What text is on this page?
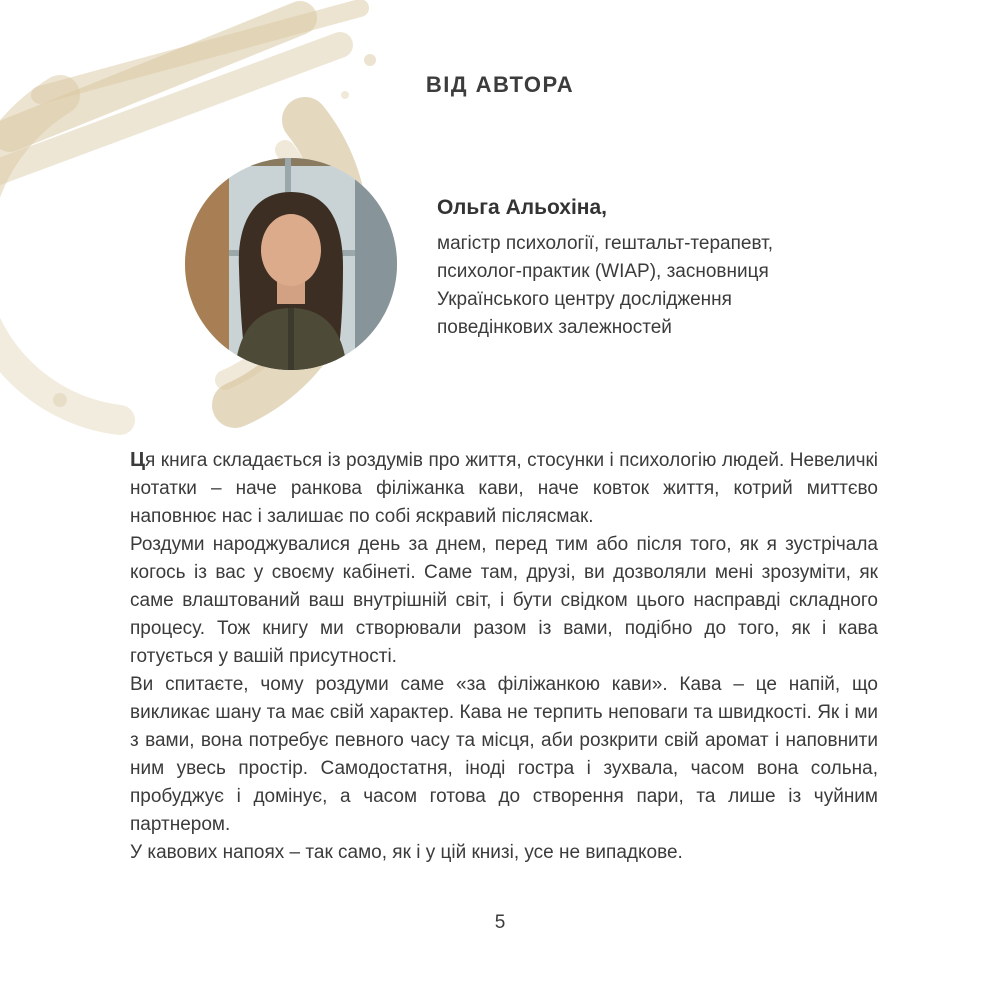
ВІД АВТОРА
Ольга Альохіна,
магістр психології, гештальт-терапевт,
психолог-практик (WIAP), засновниця
Українського центру дослідження
поведінкових залежностей

Ця книга складається із роздумів про життя, стосунки і психологію людей. Невеличкі нотатки – наче ранкова філіжанка кави, наче ковток життя, котрий миттєво наповнює нас і залишає по собі яскравий післясмак.

Роздуми народжувалися день за днем, перед тим або після того, як я зустрічала когось із вас у своєму кабінеті. Саме там, друзі, ви дозволяли мені зрозуміти, як саме влаштований ваш внутрішній світ, і бути свідком цього насправді складного процесу. Тож книгу ми створювали разом із вами, подібно до того, як і кава готується у вашій присутності.

Ви спитаєте, чому роздуми саме «за філіжанкою кави». Кава – це напій, що викликає шану та має свій характер. Кава не терпить неповаги та швидкості. Як і ми з вами, вона потребує певного часу та місця, аби розкрити свій аромат і наповнити ним увесь простір. Самодостатня, іноді гостра і зухвала, часом вона сольна, пробуджує і домінує, а часом готова до створення пари, та лише із чуйним партнером.

У кавових напоях – так само, як і у цій книзі, усе не випадкове.

5
